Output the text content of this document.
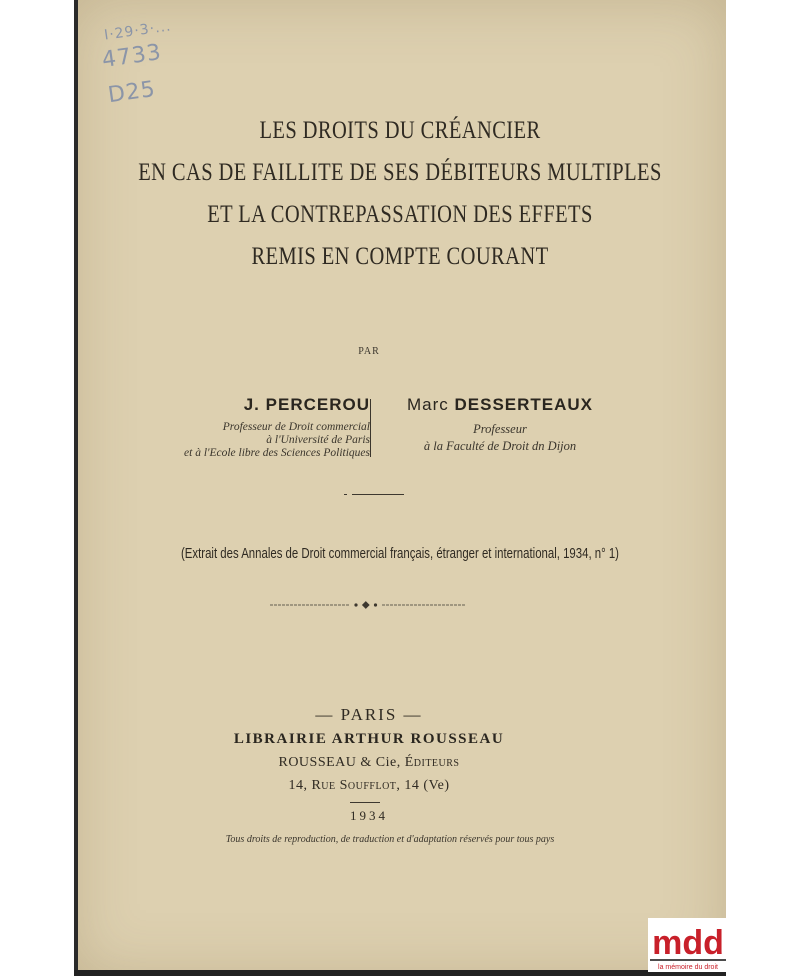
I·29·3·...
4733
D25
LES DROITS DU CRÉANCIER
EN CAS DE FAILLITE DE SES DÉBITEURS MULTIPLES
ET LA CONTREPASSATION DES EFFETS
REMIS EN COMPTE COURANT
PAR
J. PERCEROU
Professeur de Droit commercial
à l'Université de Paris
et à l'Ecole libre des Sciences Politiques
Marc DESSERTEAUX
Professeur
à la Faculté de Droit dn Dijon
(Extrait des Annales de Droit commercial français, étranger et international, 1934, n° 1)
— PARIS —
LIBRAIRIE ARTHUR ROUSSEAU
ROUSSEAU & Cie, Éditeurs
14, Rue Soufflot, 14 (Ve)
1934
Tous droits de reproduction, de traduction et d'adaptation réservés pour tous pays
mdd
la mémoire du droit
